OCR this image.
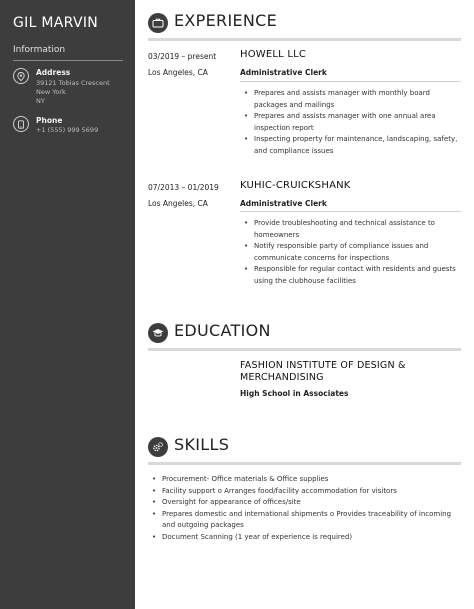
GIL MARVIN
Information
Address
39121 Tobias Crescent
New York
NY
Phone
+1 (555) 999 5699
EXPERIENCE
03/2019 – present
Los Angeles, CA
HOWELL LLC
Administrative Clerk
• Prepares and assists manager with monthly board packages and mailings
• Prepares and assists manager with one annual area inspection report
• Inspecting property for maintenance, landscaping, safety, and compliance issues
07/2013 – 01/2019
Los Angeles, CA
KUHIC-CRUICKSHANK
Administrative Clerk
• Provide troubleshooting and technical assistance to homeowners
• Notify responsible party of compliance issues and communicate concerns for inspections
• Responsible for regular contact with residents and guests using the clubhouse facilities
EDUCATION
FASHION INSTITUTE OF DESIGN & MERCHANDISING
High School in Associates
SKILLS
• Procurement- Office materials & Office supplies
• Facility support o Arranges food/facility accommodation for visitors
• Oversight for appearance of offices/site
• Prepares domestic and international shipments o Provides traceability of incoming and outgoing packages
• Document Scanning (1 year of experience is required)
